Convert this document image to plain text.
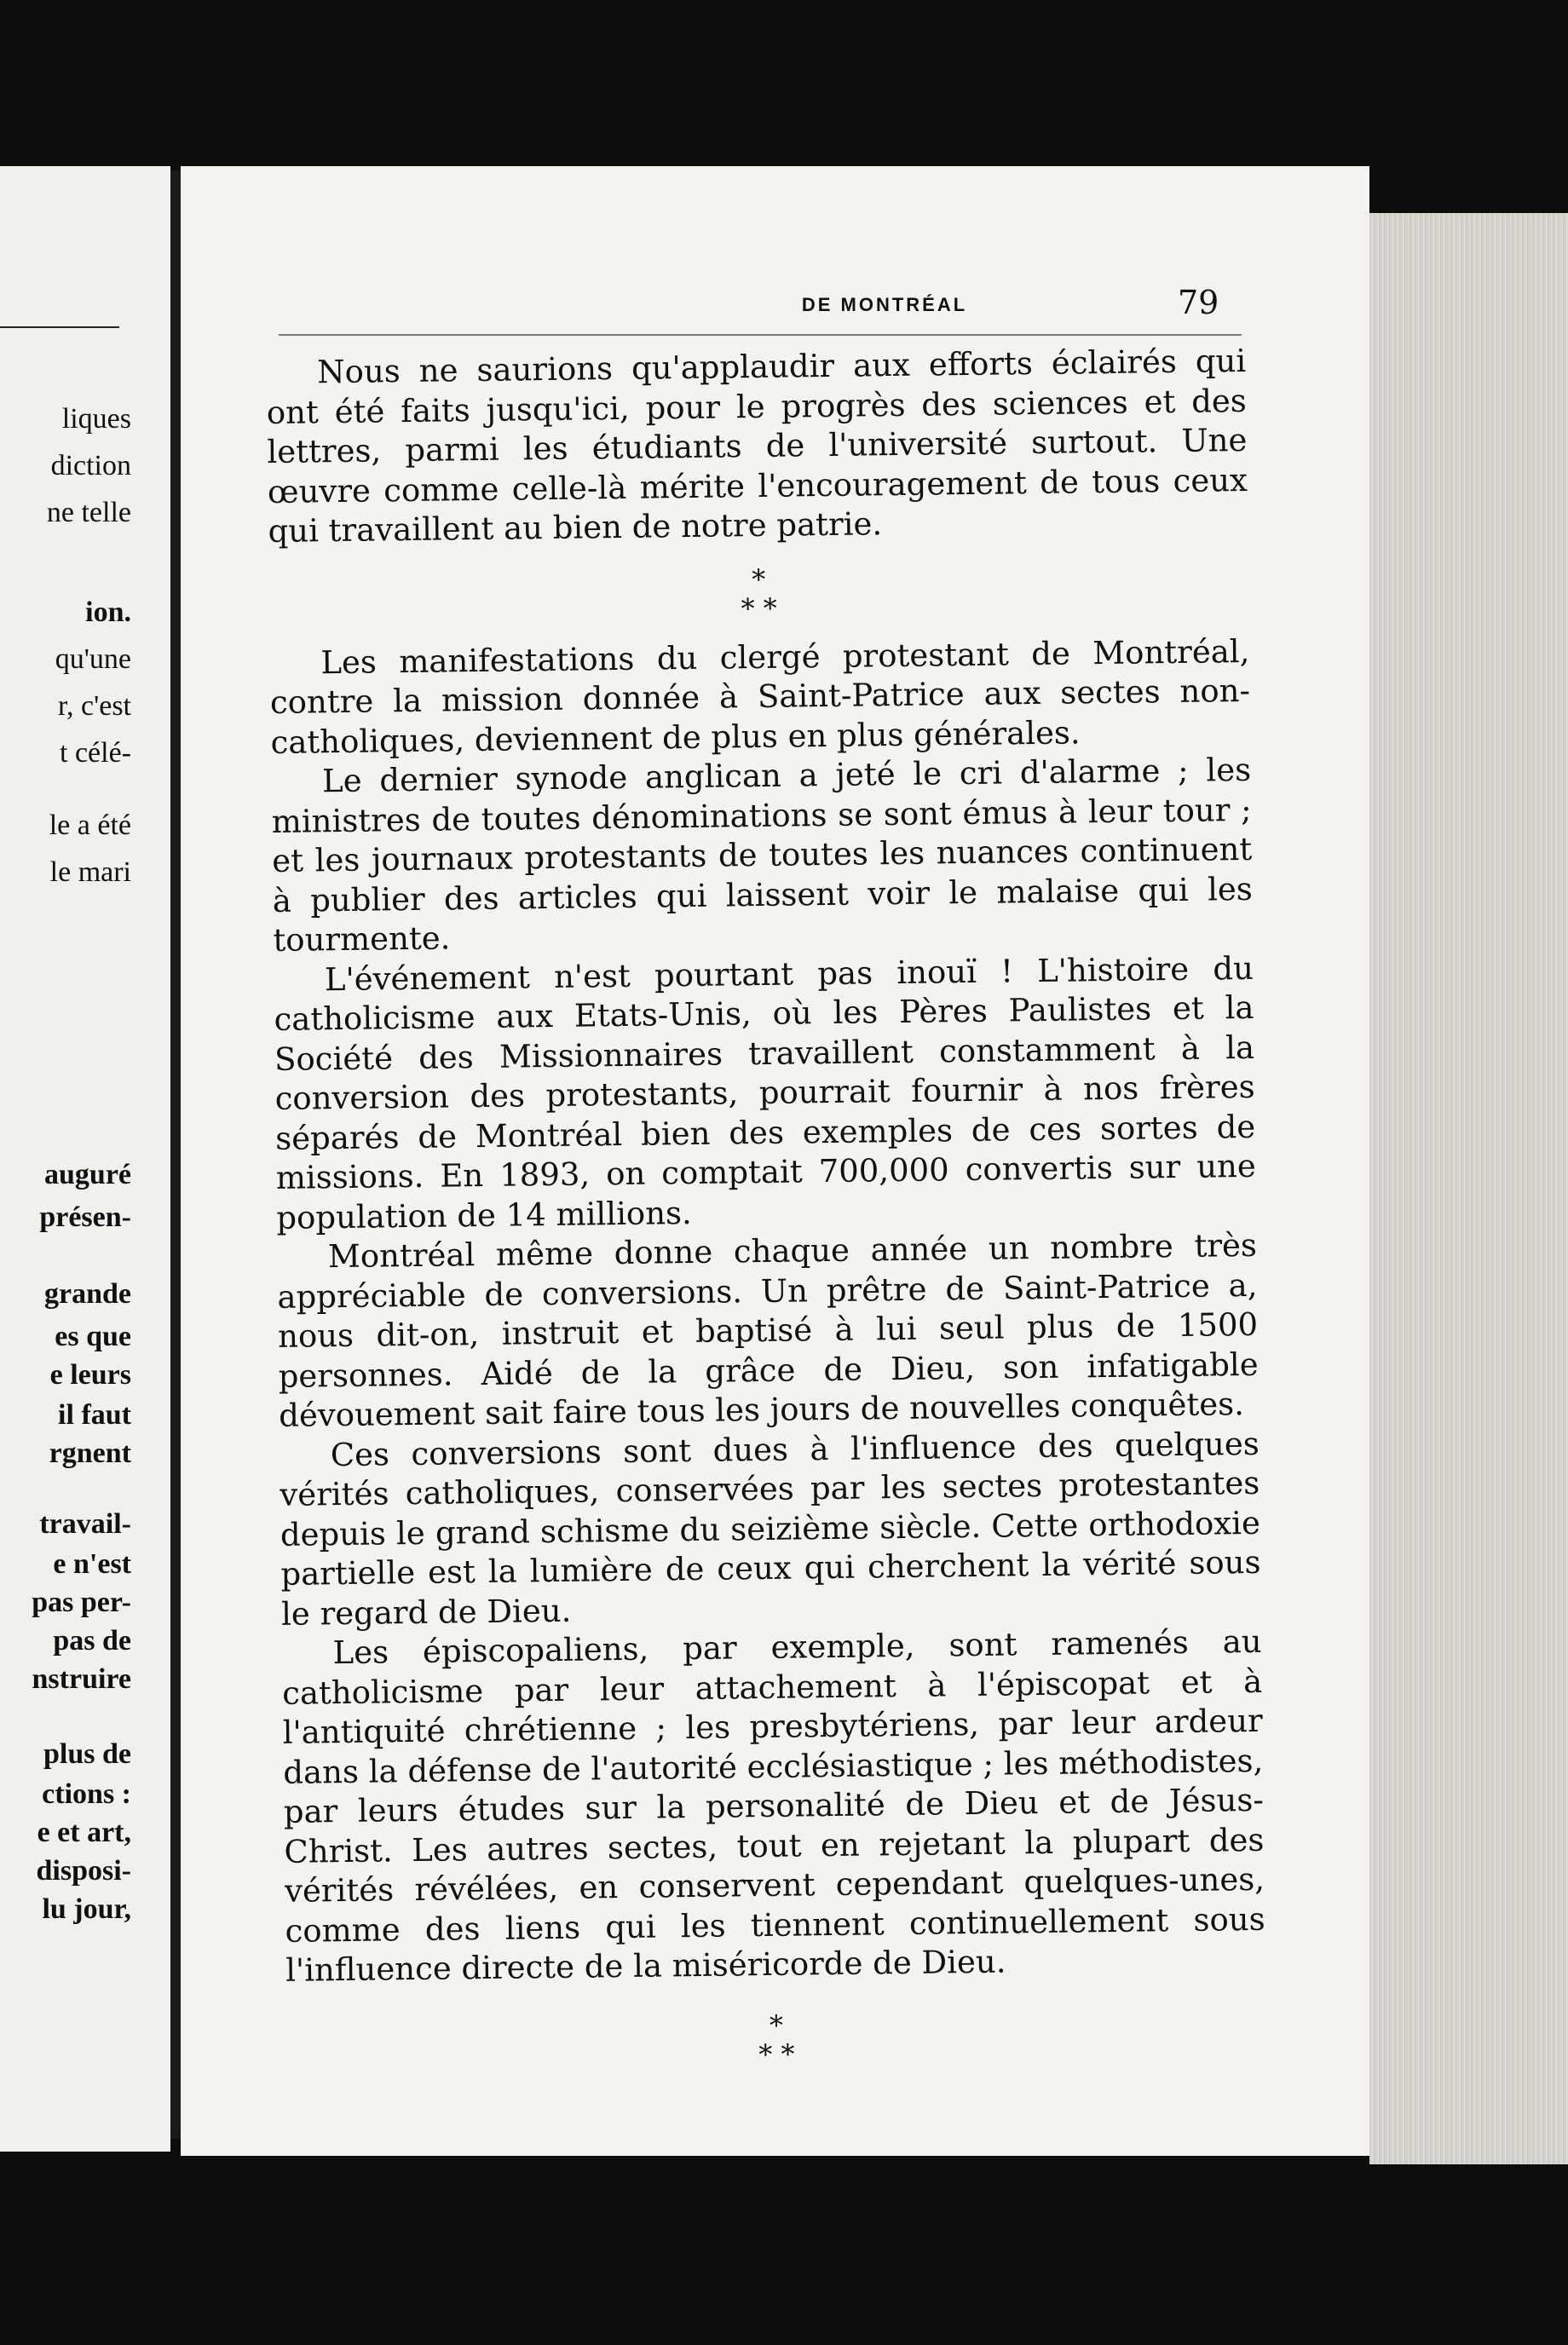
liques
diction
ne telle
ion.
qu'une
r, c'est
t célé-
le a été
le mari
auguré
présen-
grande
es que
e leurs
il faut
rgnent
travail-
e n'est
pas per-
pas de
nstruire
plus de
ctions :
e et art,
disposi-
lu jour,
DE MONTRÉAL	79

Nous ne saurions qu'applaudir aux efforts éclairés qui ont été faits jusqu'ici, pour le progrès des sciences et des lettres, parmi les étudiants de l'université surtout. Une œuvre comme celle-là mérite l'encouragement de tous ceux qui travaillent au bien de notre patrie.

*
* *

Les manifestations du clergé protestant de Montréal, contre la mission donnée à Saint-Patrice aux sectes non-catholiques, deviennent de plus en plus générales.

Le dernier synode anglican a jeté le cri d'alarme ; les ministres de toutes dénominations se sont émus à leur tour ; et les journaux protestants de toutes les nuances continuent à publier des articles qui laissent voir le malaise qui les tourmente.

L'événement n'est pourtant pas inouï ! L'histoire du catholicisme aux Etats-Unis, où les Pères Paulistes et la Société des Missionnaires travaillent constamment à la conversion des protestants, pourrait fournir à nos frères séparés de Montréal bien des exemples de ces sortes de missions. En 1893, on comptait 700,000 convertis sur une population de 14 millions.

Montréal même donne chaque année un nombre très appréciable de conversions. Un prêtre de Saint-Patrice a, nous dit-on, instruit et baptisé à lui seul plus de 1500 personnes. Aidé de la grâce de Dieu, son infatigable dévouement sait faire tous les jours de nouvelles conquêtes.

Ces conversions sont dues à l'influence des quelques vérités catholiques, conservées par les sectes protestantes depuis le grand schisme du seizième siècle. Cette orthodoxie partielle est la lumière de ceux qui cherchent la vérité sous le regard de Dieu.

Les épiscopaliens, par exemple, sont ramenés au catholicisme par leur attachement à l'épiscopat et à l'antiquité chrétienne ; les presbytériens, par leur ardeur dans la défense de l'autorité ecclésiastique ; les méthodistes, par leurs études sur la personalité de Dieu et de Jésus-Christ. Les autres sectes, tout en rejetant la plupart des vérités révélées, en conservent cependant quelques-unes, comme des liens qui les tiennent continuellement sous l'influence directe de la miséricorde de Dieu.

*
* *
